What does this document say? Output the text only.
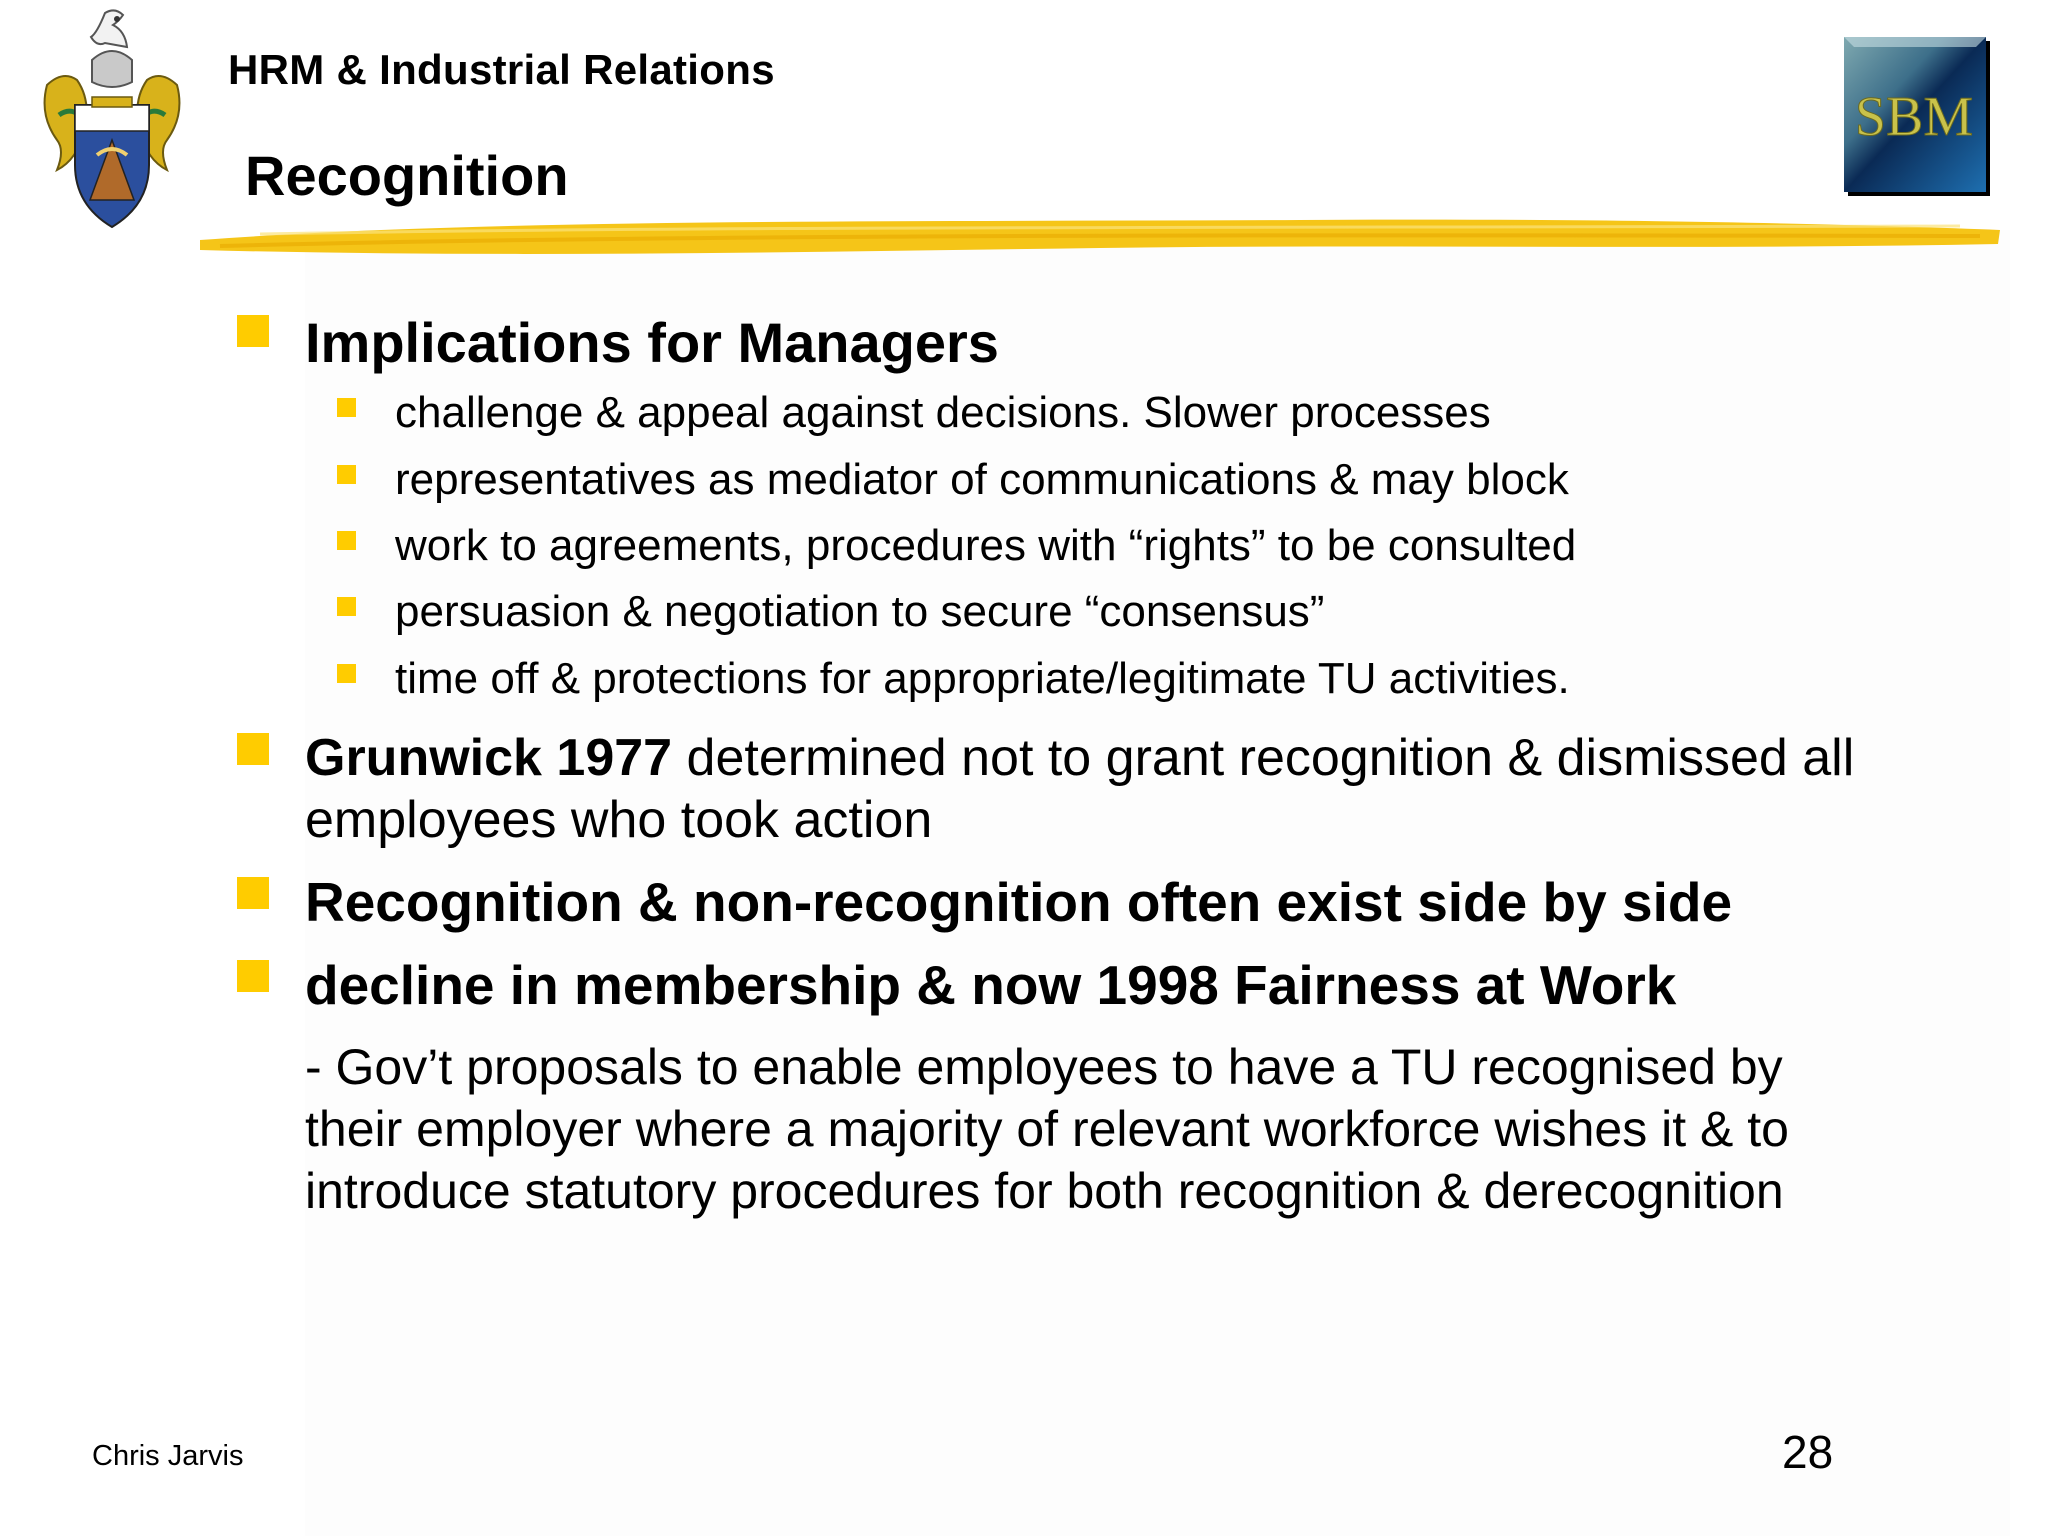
HRM & Industrial Relations
Recognition
SBM
Implications for Managers
challenge & appeal against decisions. Slower processes
representatives as mediator of communications & may block
work to agreements, procedures with “rights” to be consulted
persuasion & negotiation to secure “consensus”
time off & protections for appropriate/legitimate TU activities.
Grunwick 1977 determined not to grant recognition & dismissed all employees who took action
Recognition & non-recognition often exist side by side
decline in membership & now 1998 Fairness at Work
- Gov’t proposals to enable employees to have a TU recognised by
their employer where a majority of relevant workforce wishes it & to
introduce statutory procedures for both recognition & derecognition
Chris Jarvis	28
